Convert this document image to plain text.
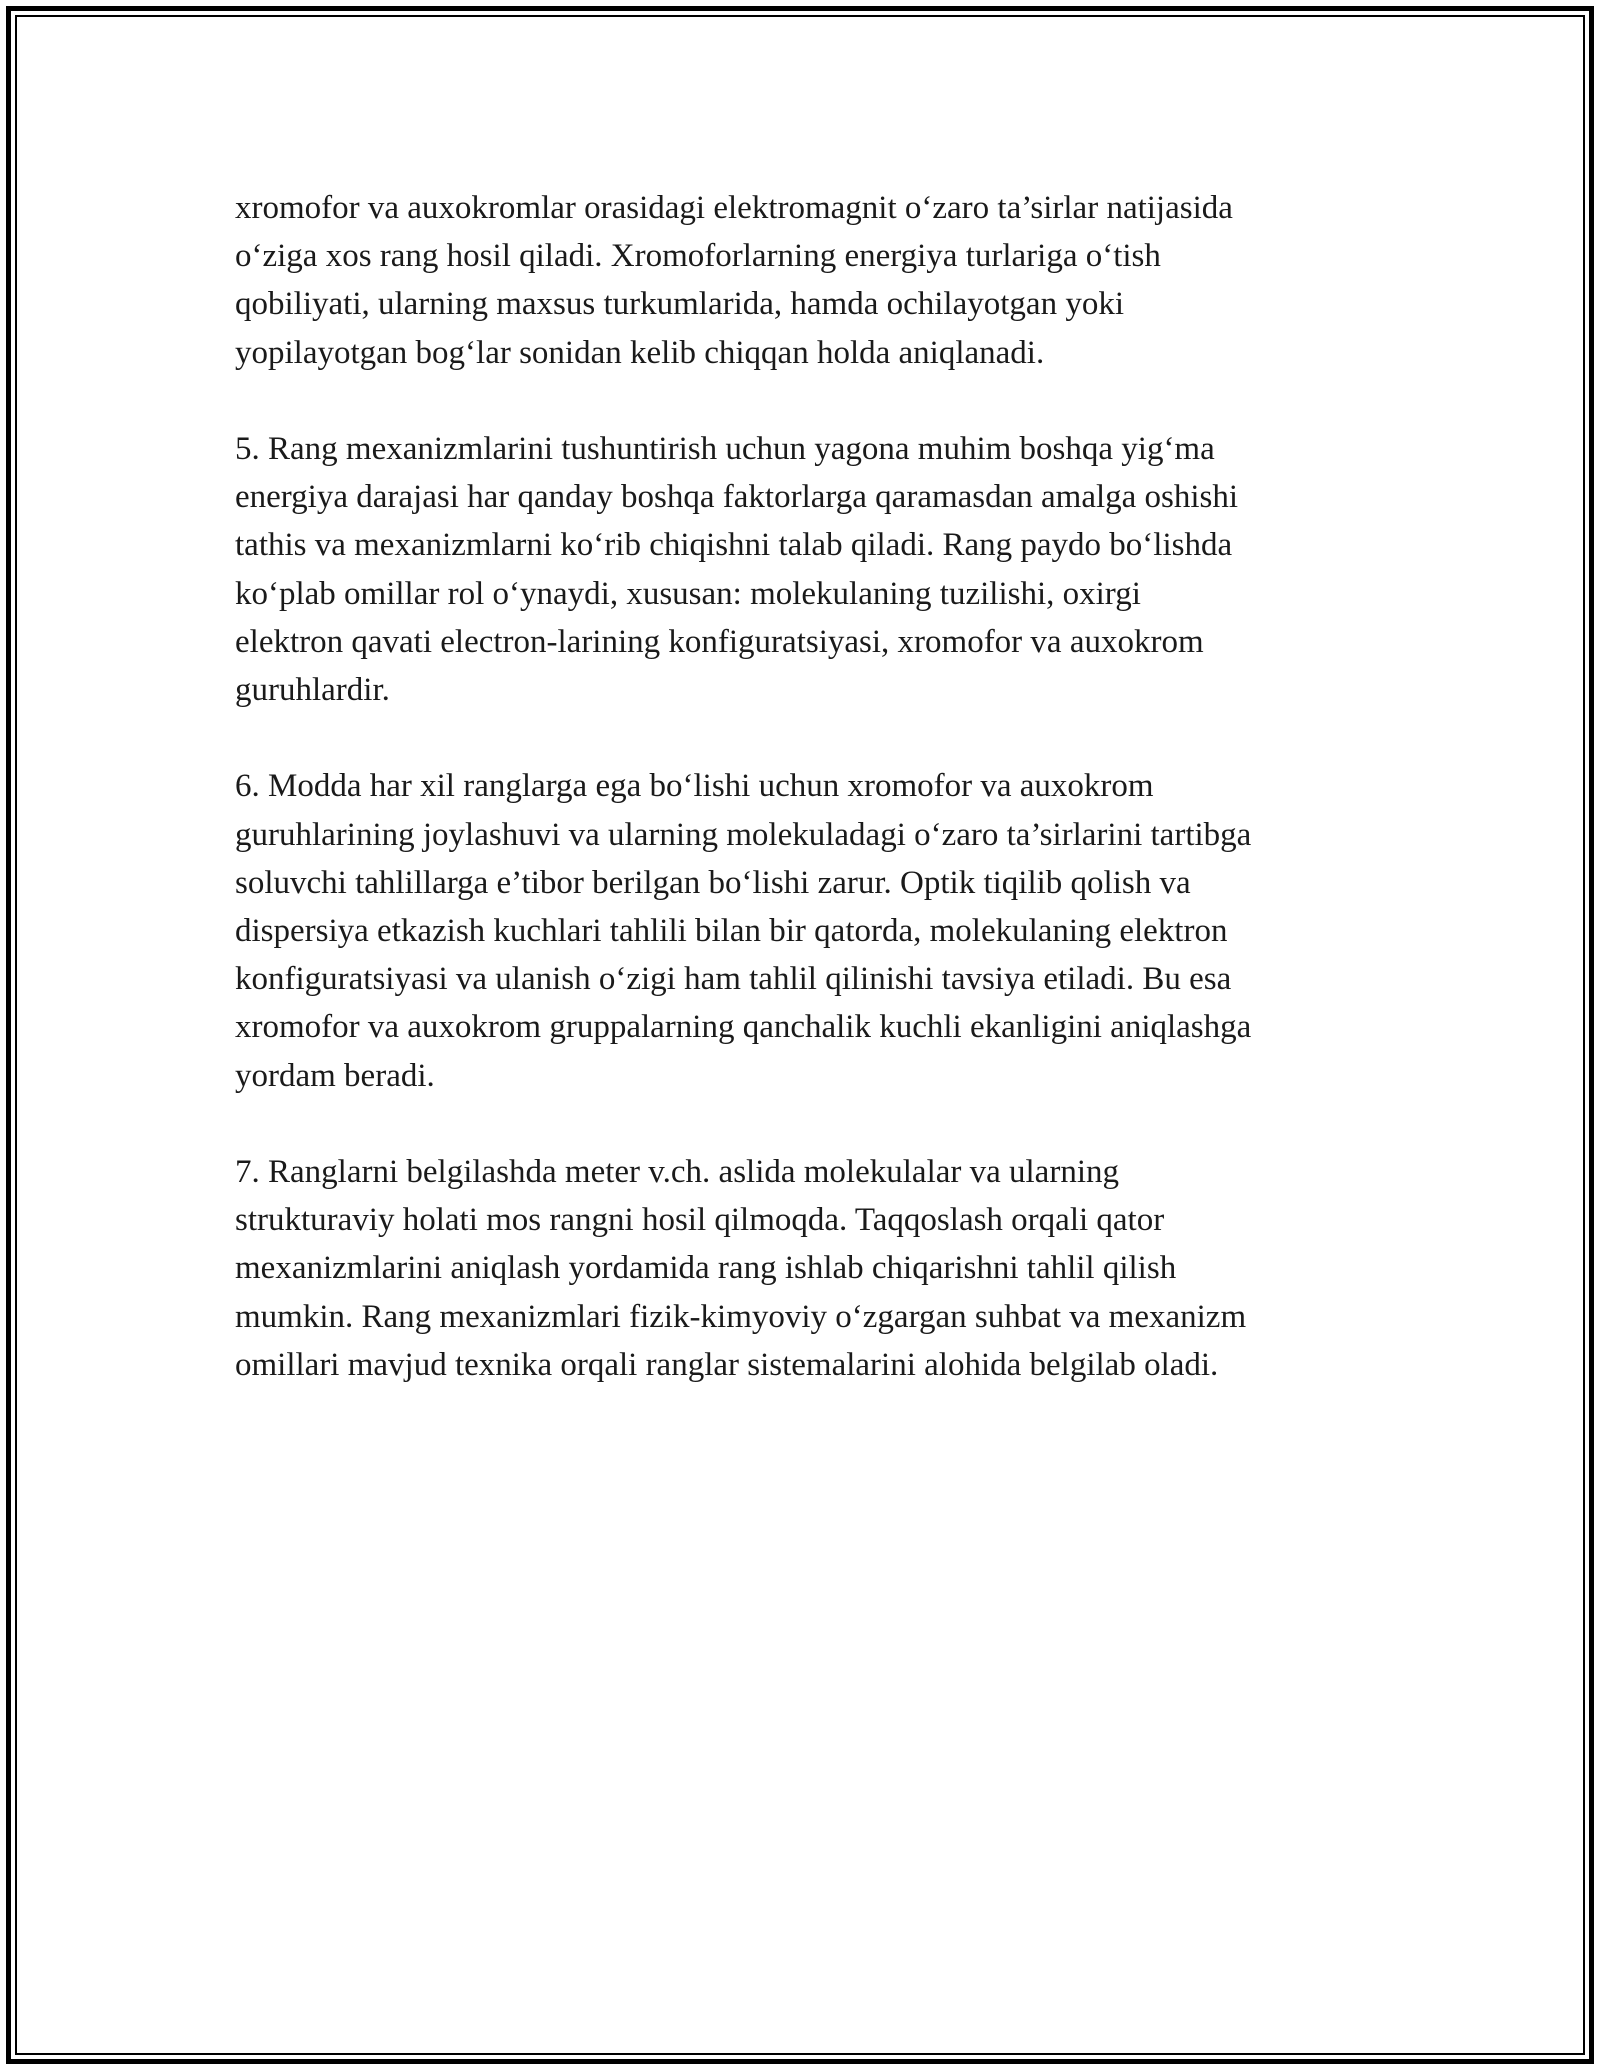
xromofor va auxokromlar orasidagi elektromagnit o‘zaro ta’sirlar natijasida
o‘ziga xos rang hosil qiladi. Xromoforlarning energiya turlariga o‘tish
qobiliyati, ularning maxsus turkumlarida, hamda ochilayotgan yoki
yopilayotgan bog‘lar sonidan kelib chiqqan holda aniqlanadi.

5. Rang mexanizmlarini tushuntirish uchun yagona muhim boshqa yig‘ma
energiya darajasi har qanday boshqa faktorlarga qaramasdan amalga oshishi
tathis va mexanizmlarni ko‘rib chiqishni talab qiladi. Rang paydo bo‘lishda
ko‘plab omillar rol o‘ynaydi, xususan: molekulaning tuzilishi, oxirgi
elektron qavati electron-larining konfiguratsiyasi, xromofor va auxokrom
guruhlardir.

6. Modda har xil ranglarga ega bo‘lishi uchun xromofor va auxokrom
guruhlarining joylashuvi va ularning molekuladagi o‘zaro ta’sirlarini tartibga
soluvchi tahlillarga e’tibor berilgan bo‘lishi zarur. Optik tiqilib qolish va
dispersiya etkazish kuchlari tahlili bilan bir qatorda, molekulaning elektron
konfiguratsiyasi va ulanish o‘zigi ham tahlil qilinishi tavsiya etiladi. Bu esa
xromofor va auxokrom gruppalarning qanchalik kuchli ekanligini aniqlashga
yordam beradi.

7. Ranglarni belgilashda meter v.ch. aslida molekulalar va ularning
strukturaviy holati mos rangni hosil qilmoqda. Taqqoslash orqali qator
mexanizmlarini aniqlash yordamida rang ishlab chiqarishni tahlil qilish
mumkin. Rang mexanizmlari fizik-kimyoviy o‘zgargan suhbat va mexanizm
omillari mavjud texnika orqali ranglar sistemalarini alohida belgilab oladi.
